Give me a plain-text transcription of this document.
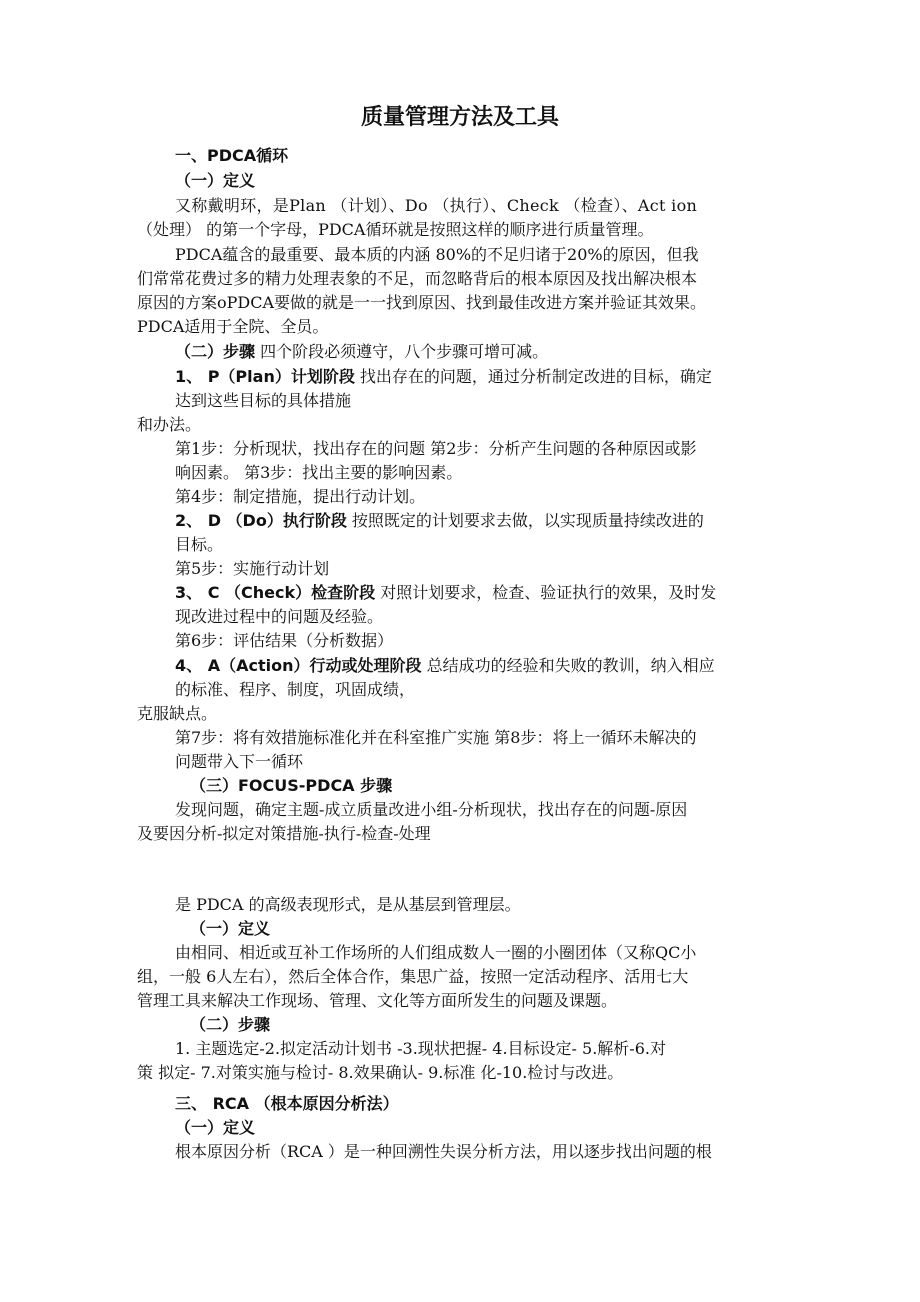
质量管理方法及工具
一、PDCA循环
（一）定义
又称戴明环，是Plan （计划）、Do （执行）、Check （检查）、Act ion
（处理） 的第一个字母，PDCA循环就是按照这样的顺序进行质量管理。
PDCA蕴含的最重要、最本质的内涵 80%的不足归诸于20%的原因，但我
们常常花费过多的精力处理表象的不足，而忽略背后的根本原因及找出解决根本
原因的方案oPDCA要做的就是一一找到原因、找到最佳改进方案并验证其效果。
PDCA适用于全院、全员。
（二）步骤 四个阶段必须遵守，八个步骤可增可减。
1、 P（Plan）计划阶段 找出存在的问题，通过分析制定改进的目标，确定
达到这些目标的具体措施
和办法。
第1步：分析现状，找出存在的问题 第2步：分析产生问题的各种原因或影
响因素。 第3步：找出主要的影响因素。
第4步：制定措施，提出行动计划。
2、 D （Do）执行阶段 按照既定的计划要求去做，以实现质量持续改进的
目标。
第5步：实施行动计划
3、 C （Check）检查阶段 对照计划要求，检查、验证执行的效果，及时发
现改进过程中的问题及经验。
第6步：评估结果（分析数据）
4、 A（Action）行动或处理阶段 总结成功的经验和失败的教训，纳入相应
的标准、程序、制度，巩固成绩，
克服缺点。
第7步：将有效措施标准化并在科室推广实施 第8步：将上一循环未解决的
问题带入下一循环
（三）FOCUS-PDCA 步骤
发现问题，确定主题-成立质量改进小组-分析现状，找出存在的问题-原因
及要因分析-拟定对策措施-执行-检查-处理
是 PDCA 的高级表现形式，是从基层到管理层。
（一）定义
由相同、相近或互补工作场所的人们组成数人一圈的小圈团体（又称QC小
组，一般 6人左右），然后全体合作，集思广益，按照一定活动程序、活用七大
管理工具来解决工作现场、管理、文化等方面所发生的问题及课题。
（二）步骤
1. 主题选定-2.拟定活动计划书 -3.现状把握- 4.目标设定- 5.解析-6.对
策 拟定- 7.对策实施与检讨- 8.效果确认- 9.标准 化-10.检讨与改进。
三、 RCA （根本原因分析法）
（一）定义
根本原因分析（RCA ）是一种回溯性失误分析方法，用以逐步找出问题的根
